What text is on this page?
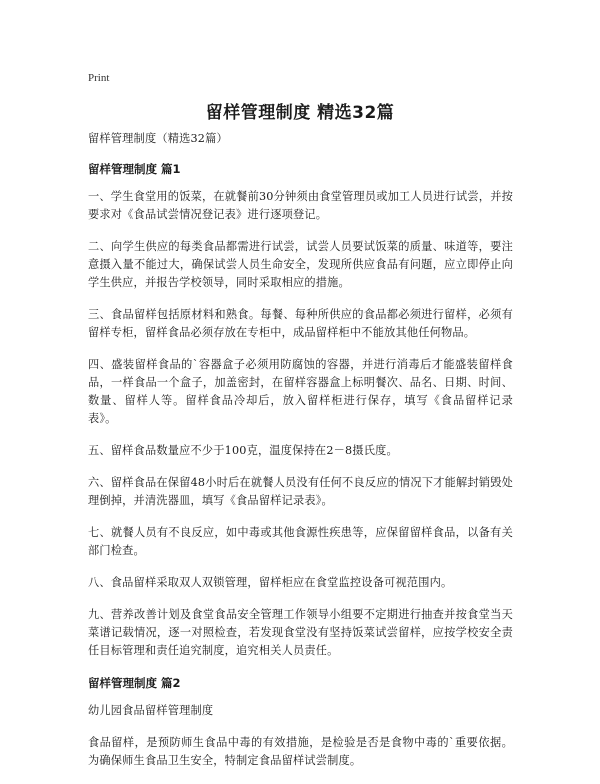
Print
留样管理制度 精选32篇

留样管理制度（精选32篇）

留样管理制度 篇1

一、学生食堂用的饭菜，在就餐前30分钟须由食堂管理员或加工人员进行试尝，并按要求对《食品试尝情况登记表》进行逐项登记。

二、向学生供应的每类食品都需进行试尝，试尝人员要试饭菜的质量、味道等，要注意摄入量不能过大，确保试尝人员生命安全，发现所供应食品有问题，应立即停止向学生供应，并报告学校领导，同时采取相应的措施。

三、食品留样包括原材料和熟食。每餐、每种所供应的食品都必须进行留样，必须有留样专柜，留样食品必须存放在专柜中，成品留样柜中不能放其他任何物品。

四、盛装留样食品的`容器盒子必须用防腐蚀的容器，并进行消毒后才能盛装留样食品，一样食品一个盒子，加盖密封，在留样容器盒上标明餐次、品名、日期、时间、数量、留样人等。留样食品冷却后，放入留样柜进行保存，填写《食品留样记录表》。

五、留样食品数量应不少于100克，温度保持在2－8摄氏度。

六、留样食品在保留48小时后在就餐人员没有任何不良反应的情况下才能解封销毁处理倒掉，并清洗器皿，填写《食品留样记录表》。

七、就餐人员有不良反应，如中毒或其他食源性疾患等，应保留留样食品，以备有关部门检查。

八、食品留样采取双人双锁管理，留样柜应在食堂监控设备可视范围内。

九、营养改善计划及食堂食品安全管理工作领导小组要不定期进行抽查并按食堂当天菜谱记载情况，逐一对照检查，若发现食堂没有坚持饭菜试尝留样，应按学校安全责任目标管理和责任追究制度，追究相关人员责任。

留样管理制度 篇2

幼儿园食品留样管理制度

食品留样，是预防师生食品中毒的有效措施，是检验是否是食物中毒的`重要依据。为确保师生食品卫生安全，特制定食品留样试尝制度。
